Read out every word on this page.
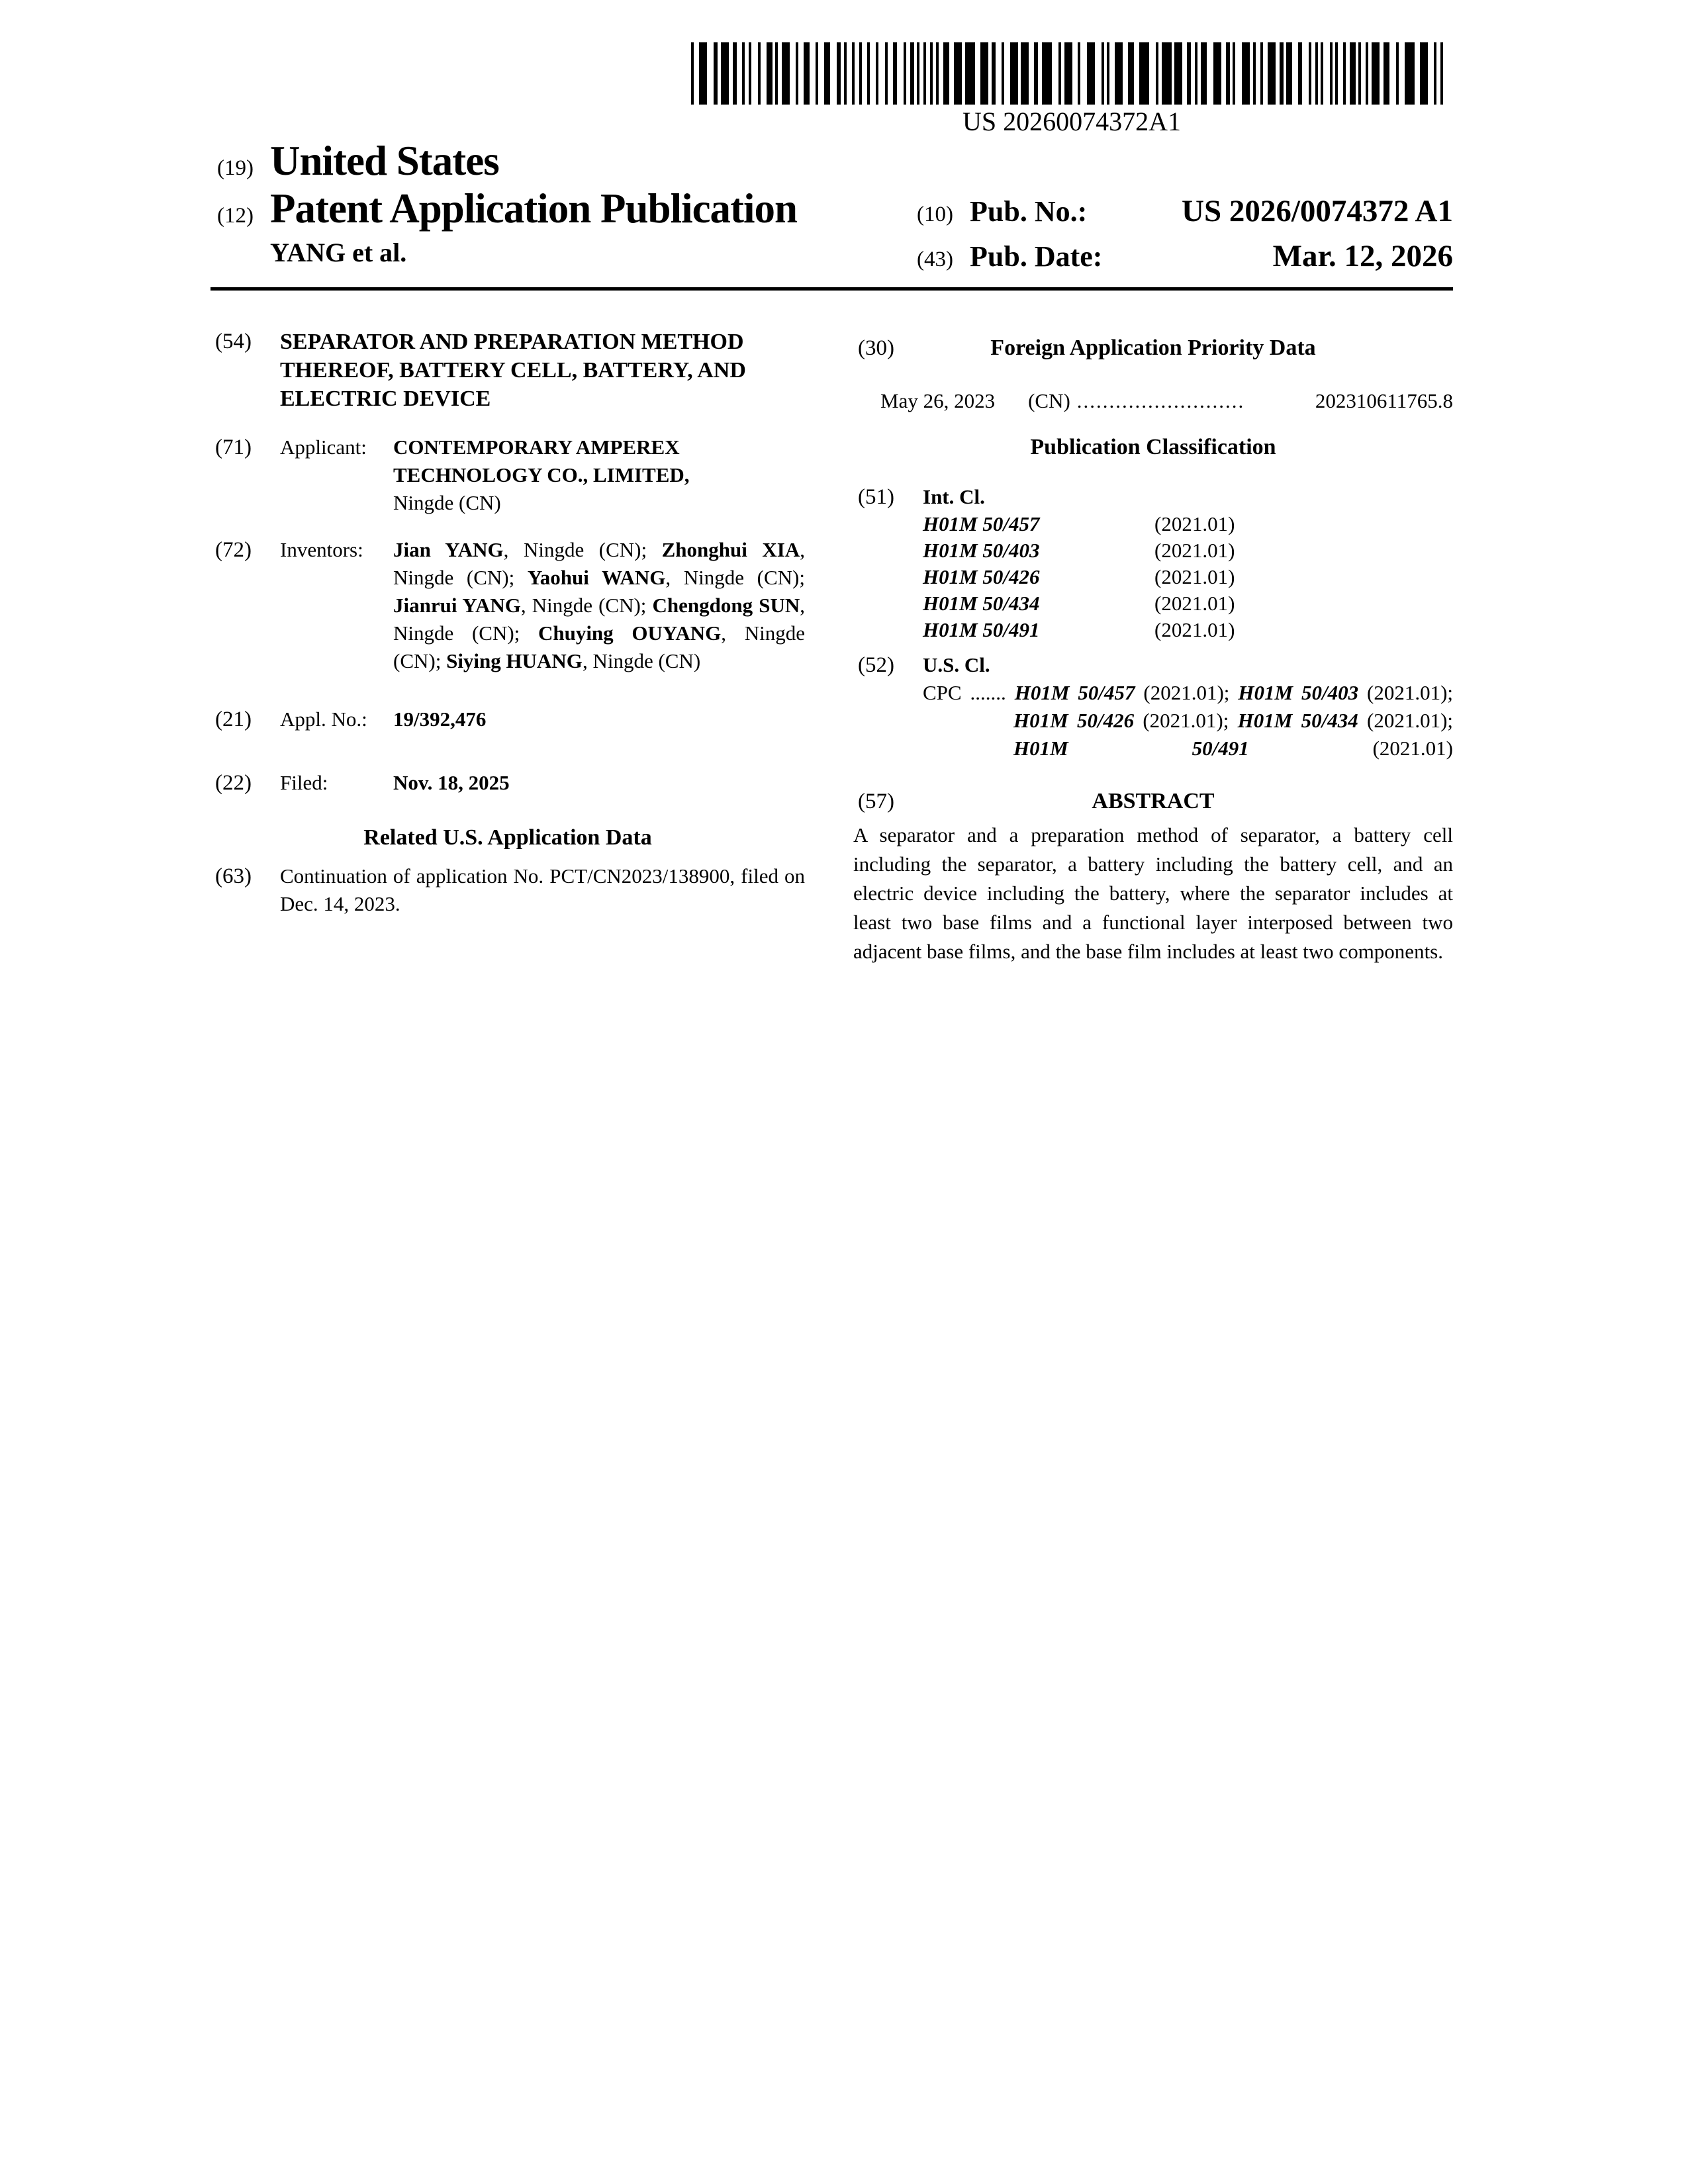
US 20260074372A1
(19) United States
(12) Patent Application Publication
YANG et al.
(10) Pub. No.:	US 2026/0074372 A1
(43) Pub. Date:	Mar. 12, 2026
(54)	SEPARATOR AND PREPARATION METHOD THEREOF, BATTERY CELL, BATTERY, AND ELECTRIC DEVICE
(71)	Applicant:	CONTEMPORARY AMPEREX TECHNOLOGY CO., LIMITED,
Ningde (CN)
(72)	Inventors:	Jian YANG, Ningde (CN); Zhonghui XIA, Ningde (CN); Yaohui WANG, Ningde (CN); Jianrui YANG, Ningde (CN); Chengdong SUN, Ningde (CN); Chuying OUYANG, Ningde (CN); Siying HUANG, Ningde (CN)
(21)	Appl. No.:	19/392,476
(22)	Filed:	Nov. 18, 2025
Related U.S. Application Data
(63)	Continuation of application No. PCT/CN2023/138900, filed on Dec. 14, 2023.
(30)	Foreign Application Priority Data
May 26, 2023 (CN) ..........................	202310611765.8
Publication Classification
(51)	Int. Cl.
H01M 50/457	(2021.01)
H01M 50/403	(2021.01)
H01M 50/426	(2021.01)
H01M 50/434	(2021.01)
H01M 50/491	(2021.01)
(52)	U.S. Cl.
CPC ....... H01M 50/457 (2021.01); H01M 50/403 (2021.01); H01M 50/426 (2021.01); H01M 50/434 (2021.01); H01M 50/491 (2021.01)
(57)	ABSTRACT
A separator and a preparation method of separator, a battery cell including the separator, a battery including the battery cell, and an electric device including the battery, where the separator includes at least two base films and a functional layer interposed between two adjacent base films, and the base film includes at least two components.
